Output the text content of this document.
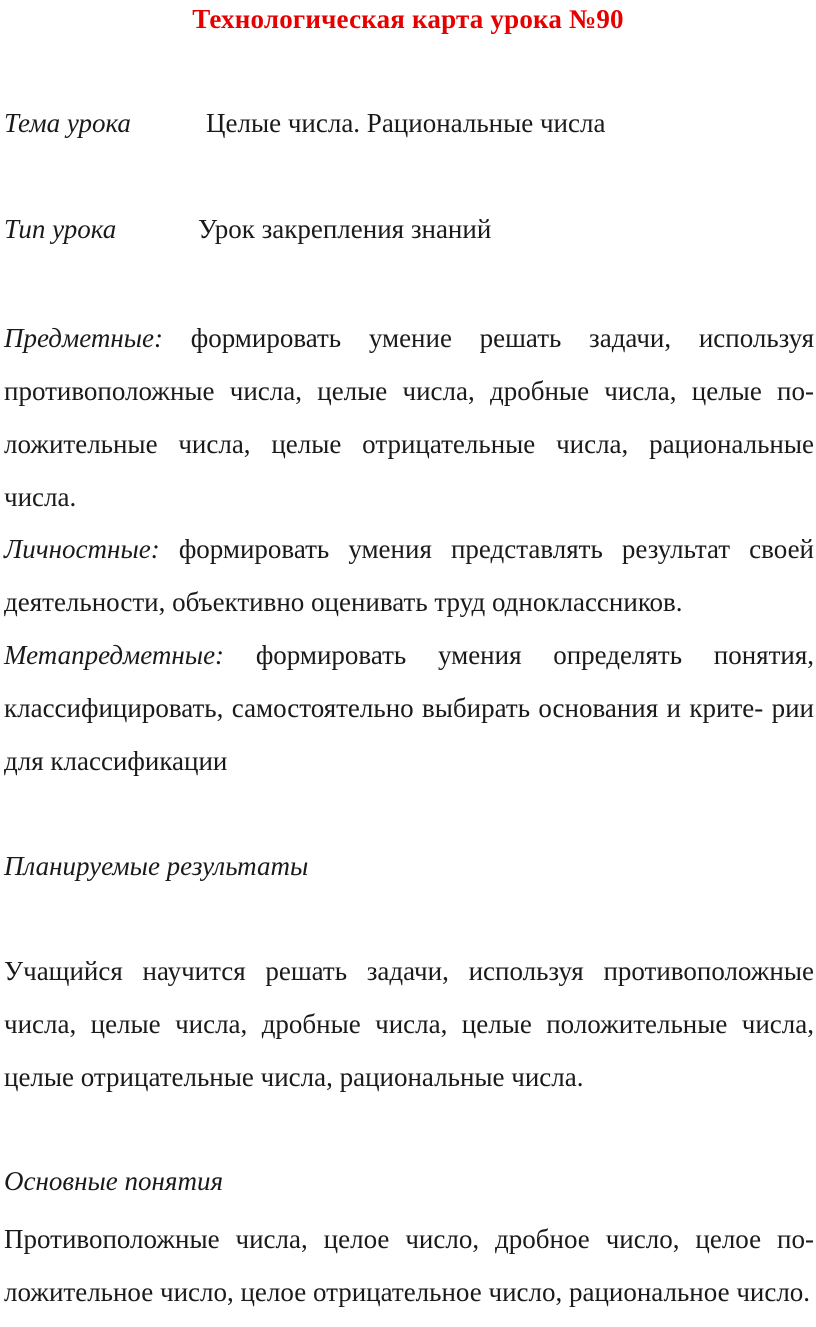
Технологическая карта урока №90
Тема урока	Целые числа. Рациональные числа
Тип урока	Урок закрепления знаний

Предметные: формировать умение решать задачи, используя противоположные числа, целые числа, дробные числа, целые по-ложительные числа, целые отрицательные числа, рациональные числа.

Личностные: формировать умения представлять результат своей деятельности, объективно оценивать труд одноклассников.

Метапредметные: формировать умения определять понятия, классифицировать, самостоятельно выбирать основания и крите- рии для классификации

Планируемые результаты

Учащийся научится решать задачи, используя противоположные числа, целые числа, дробные числа, целые положительные числа, целые отрицательные числа, рациональные числа.

Основные понятия

Противоположные числа, целое число, дробное число, целое по-ложительное число, целое отрицательное число, рациональное число.
